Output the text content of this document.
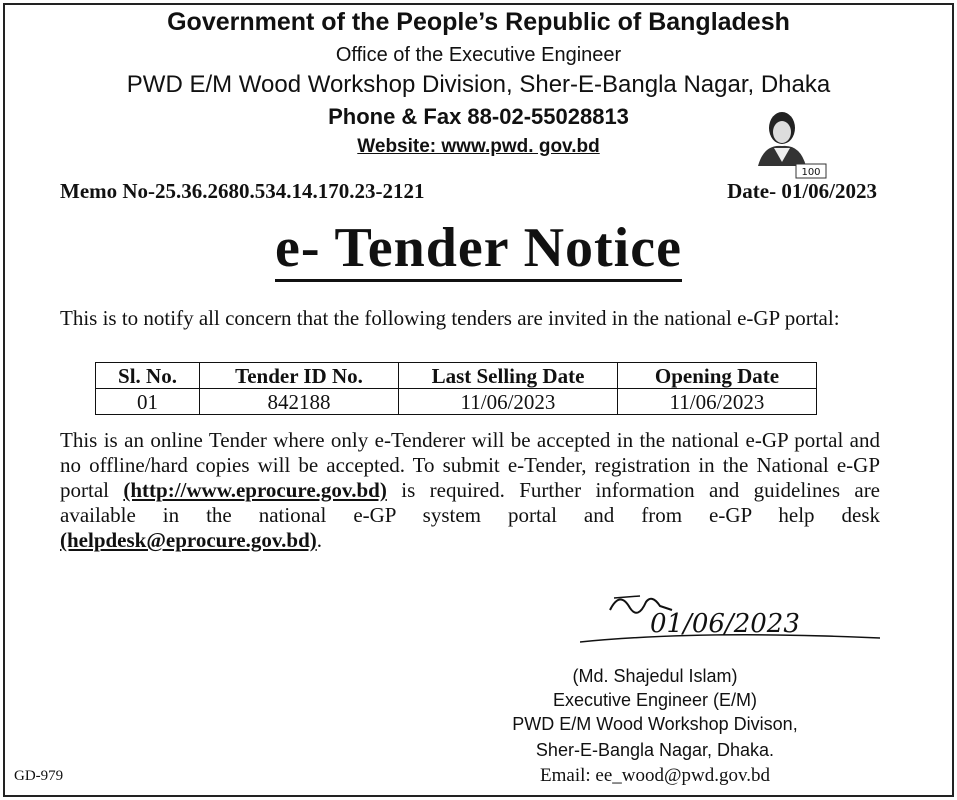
Government of the People’s Republic of Bangladesh
Office of the Executive Engineer
PWD E/M Wood Workshop Division, Sher-E-Bangla Nagar, Dhaka
Phone & Fax 88-02-55028813
Website: www.pwd. gov.bd
100
Memo No-25.36.2680.534.14.170.23-2121	Date- 01/06/2023
e- Tender Notice
This is to notify all concern that the following tenders are invited in the national e-GP portal:
Sl. No.	Tender ID No.	Last Selling Date	Opening Date
01	842188	11/06/2023	11/06/2023
This is an online Tender where only e-Tenderer will be accepted in the national e-GP portal and no offline/hard copies will be accepted. To submit e-Tender, registration in the National e-GP portal (http://www.eprocure.gov.bd) is required. Further information and guidelines are available in the national e-GP system portal and from e-GP help desk (helpdesk@eprocure.gov.bd).
01/06/2023
(Md. Shajedul Islam)
Executive Engineer (E/M)
PWD E/M Wood Workshop Divison,
Sher-E-Bangla Nagar, Dhaka.
Email: ee_wood@pwd.gov.bd
GD-979
